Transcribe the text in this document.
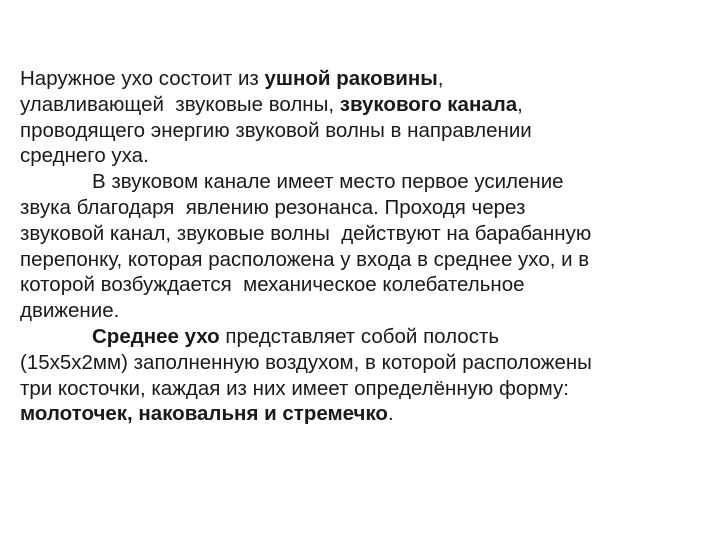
Наружное ухо состоит из ушной раковины,
улавливающей  звуковые волны, звукового канала,
проводящего энергию звуковой волны в направлении
среднего уха.
В звуковом канале имеет место первое усиление
звука благодаря  явлению резонанса. Проходя через
звуковой канал, звуковые волны  действуют на барабанную
перепонку, которая расположена у входа в среднее ухо, и в
которой возбуждается  механическое колебательное
движение.
Среднее ухо представляет собой полость
(15х5х2мм) заполненную воздухом, в которой расположены
три косточки, каждая из них имеет определённую форму:
молоточек, наковальня и стремечко.
